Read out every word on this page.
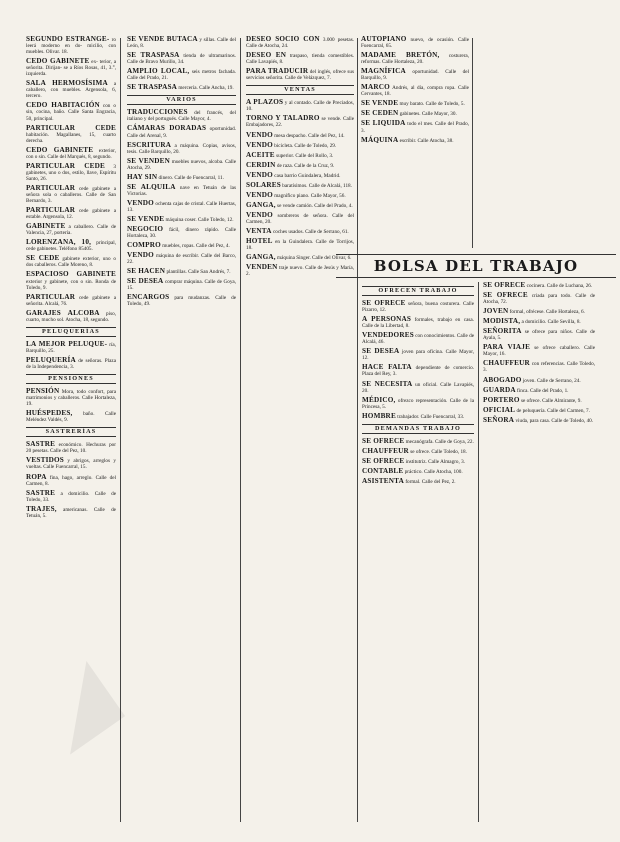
◢
SEGUNDO ESTRANGE- ro leerá moderno en do- micilio, con muebles. Olivar. 18.
CEDO GABINETE ex- terior, a señorita. Dirijan- se a Ríos Rosas, 41, 3.°, izquierda.
SALA HERMOSÍSIMA a caballero, con muebles. Argensola, 6, tercero.
CEDO HABITACIÓN con o sin, cocina, baño. Calle Santa Engracia, 50, principal.
PARTICULAR CEDE habitación. Magallanes, 15, cuarto derecha.
CEDO GABINETE exterior, con o sin. Calle del Marqués, 8, segundo.
PARTICULAR CEDE 3 gabinetes, uno o dos, estilo, llave, Espíritu Santo, 26.
PARTICULAR cede gabinete a señora sola o caballeros. Calle de San Bernardo, 3.
PARTICULAR cede gabinete a estable. Argensola, 12.
GABINETE a caballero. Calle de Valencia, 27, portería.
LORENZANA, 10, principal, cede gabinetes. Teléfono 85405.
SE CEDE gabinete exterior, uno o dos caballeros. Calle Moreno, 8.
ESPACIOSO GABINETE exterior y gabinete, con o sin. Ronda de Toledo, 9.
PARTICULAR cede gabinete a señorita. Alcalá, 76.
GARAJES ALCOBA piso, cuarto, mucho sol. Atocha, 18, segundo.
PELUQUERÍAS
LA MEJOR PELUQUE- ría, Barquillo, 25.
PELUQUERÍA de señoras. Plaza de la Independencia, 3.
PENSIONES
PENSIÓN Mora, todo confort, para matrimonios y caballeros. Calle Hortaleza, 19.
HUÉSPEDES, baño. Calle Meléndez Valdés, 9.
SASTRERÍAS
SASTRE económico. Hechuras por 20 pesetas. Calle del Pez, 10.
VESTIDOS y abrigos, arreglos y vueltas. Calle Fuencarral, 15.
ROPA fina, hago, arreglo. Calle del Carmen, 8.
SASTRE a domicilio. Calle de Toledo, 33.
TRAJES, americanas. Calle de Tetuán, 5.
SE VENDE BUTACA y sillas. Calle del León, 8.
SE TRASPASA tienda de ultramarinos. Calle de Bravo Murillo, 34.
AMPLIO LOCAL, seis metros fachada. Calle del Prado, 21.
SE TRASPASA mercería. Calle Ancha, 19.
VARIOS
TRADUCCIONES del francés, del italiano y del portugués. Calle Mayor, 4.
CÁMARAS DORADAS oportunidad. Calle del Arenal, 9.
ESCRITURA a máquina. Copias, avisos, tesis. Calle Barquillo, 20.
SE VENDEN muebles nuevos, alcoba. Calle Atocha, 29.
HAY SIN dinero. Calle de Fuencarral, 11.
SE ALQUILA nave en Tetuán de las Victorias.
VENDO ochenta cajas de cristal. Calle Huertas, 13.
SE VENDE máquina coser. Calle Toledo, 12.
NEGOCIO fácil, dinero rápido. Calle Hortaleza, 30.
COMPRO muebles, ropas. Calle del Pez, 4.
VENDO máquina de escribir. Calle del Barco, 22.
SE HACEN plantillas. Calle San Andrés, 7.
SE DESEA comprar máquina. Calle de Goya, 15.
ENCARGOS para mudanzas. Calle de Toledo, 49.
DESEO SOCIO CON 3.000 pesetas. Calle de Atocha, 24.
DESEO EN traspaso, tienda comestibles. Calle Lavapiés, 8.
PARA TRADUCIR del inglés, ofrece sus servicios señorita. Calle de Velázquez, 7.
VENTAS
A PLAZOS y al contado. Calle de Preciados, 10.
TORNO Y TALADRO se vende. Calle Embajadores, 22.
VENDO mesa despacho. Calle del Pez, 14.
VENDO bicicleta. Calle de Toledo, 29.
ACEITE superior. Calle del Rollo, 3.
CERDIN de raza. Calle de la Cruz, 9.
VENDO casa barrio Guindalera, Madrid.
SOLARES baratísimos. Calle de Alcalá, 118.
VENDO magnífico piano. Calle Mayor, 56.
GANGA, se vende camión. Calle del Prado, 4.
VENDO sombreros de señora. Calle del Carmen, 20.
VENTA coches usados. Calle de Serrano, 61.
HOTEL en la Guindalera. Calle de Torrijos, 18.
GANGA, máquina Singer. Calle del Olivar, 6.
VENDEN traje nuevo. Calle de Jesús y María, 2.
AUTOPIANO nuevo, de ocasión. Calle Fuencarral, 65.
MADAME BRETÓN, costurera, reformas. Calle Hortaleza, 20.
MAGNÍFICA oportunidad. Calle del Barquillo, 9.
MARCO Andrés, al día, compra ropa. Calle Cervantes, 18.
SE VENDE muy barato. Calle de Toledo, 5.
SE CEDEN gabinetes. Calle Mayor, 30.
SE LIQUIDA todo el mes. Calle del Prado, 3.
MÁQUINA escribir. Calle Atocha, 38.
BOLSA DEL TRABAJO
OFRECEN TRABAJO
SE OFRECE señora, buena costurera. Calle Pizarro, 12.
A PERSONAS formales, trabajo en casa. Calle de la Libertad, 8.
VENDEDORES con conocimientos. Calle de Alcalá, 46.
SE DESEA joven para oficina. Calle Mayor, 12.
HACE FALTA dependiente de comercio. Plaza del Rey, 3.
SE NECESITA un oficial. Calle Lavapiés, 20.
MÉDICO, ofrezco representación. Calle de la Princesa, 5.
HOMBRE trabajador. Calle Fuencarral, 33.
DEMANDAS TRABAJO
SE OFRECE mecanógrafa. Calle de Goya, 22.
CHAUFFEUR se ofrece. Calle Toledo, 18.
SE OFRECE institutriz. Calle Almagro, 3.
CONTABLE práctico. Calle Atocha, 100.
ASISTENTA formal. Calle del Pez, 2.
SE OFRECE cocinera. Calle de Luchana, 26.
SE OFRECE criada para todo. Calle de Atocha, 72.
JOVEN formal, ofrécese. Calle Hortaleza, 6.
MODISTA, a domicilio. Calle Sevilla, 8.
SEÑORITA se ofrece para niños. Calle de Ayala, 5.
PARA VIAJE se ofrece caballero. Calle Mayor, 16.
CHAUFFEUR con referencias. Calle Toledo, 3.
ABOGADO joven. Calle de Serrano, 24.
GUARDA finca. Calle del Prado, 1.
PORTERO se ofrece. Calle Almirante, 9.
OFICIAL de peluquería. Calle del Carmen, 7.
SEÑORA viuda, para casa. Calle de Toledo, 40.
